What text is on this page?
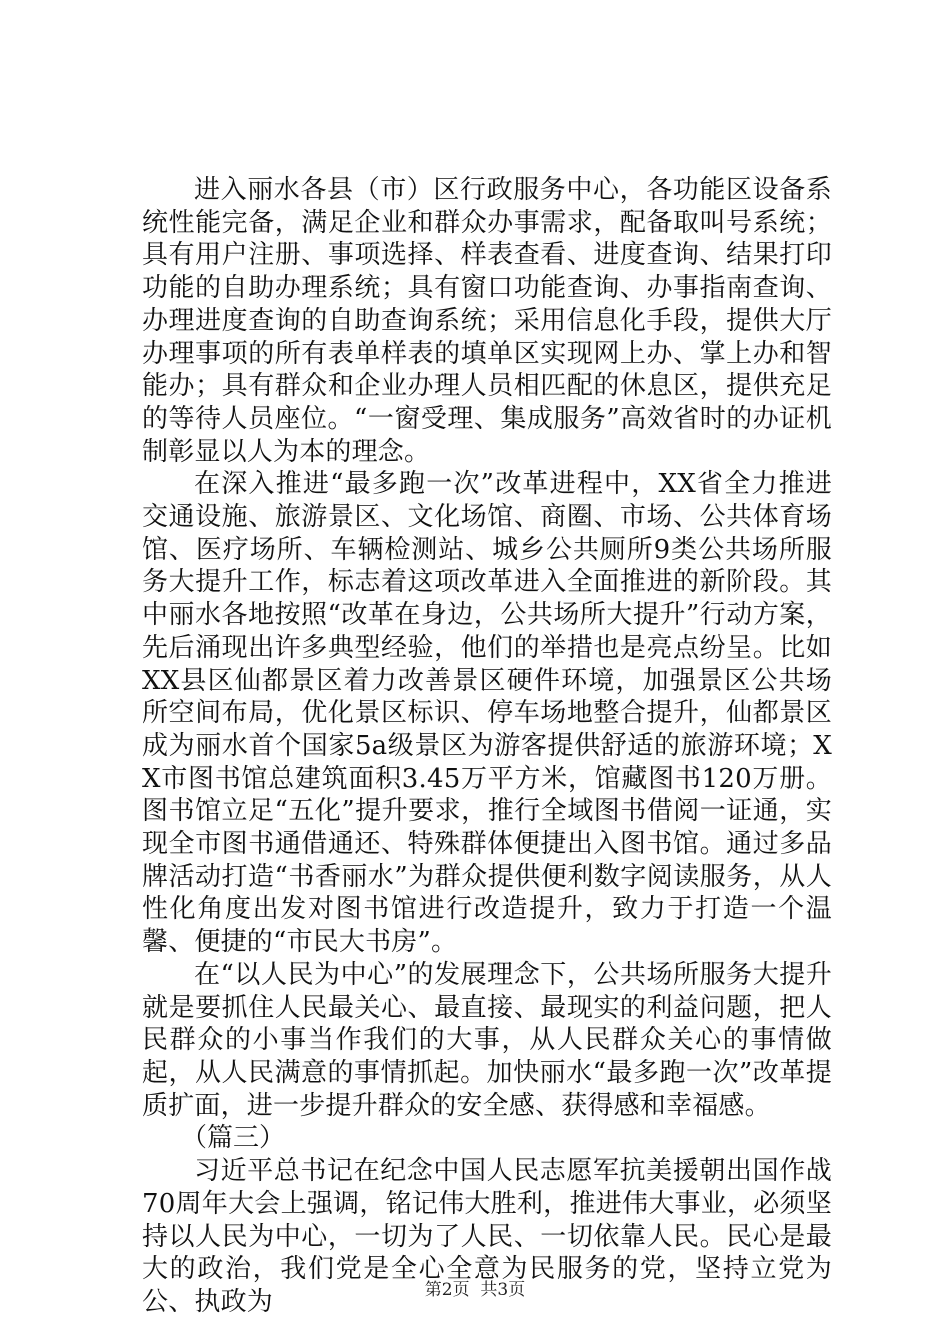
进入丽水各县（市）区行政服务中心，各功能区设备系统性能完备，满足企业和群众办事需求，配备取叫号系统；具有用户注册、事项选择、样表查看、进度查询、结果打印功能的自助办理系统；具有窗口功能查询、办事指南查询、办理进度查询的自助查询系统；采用信息化手段，提供大厅办理事项的所有表单样表的填单区实现网上办、掌上办和智能办；具有群众和企业办理人员相匹配的休息区，提供充足的等待人员座位。“一窗受理、集成服务”高效省时的办证机制彰显以人为本的理念。

在深入推进“最多跑一次”改革进程中，XX省全力推进交通设施、旅游景区、文化场馆、商圈、市场、公共体育场馆、医疗场所、车辆检测站、城乡公共厕所9类公共场所服务大提升工作，标志着这项改革进入全面推进的新阶段。其中丽水各地按照“改革在身边，公共场所大提升”行动方案，先后涌现出许多典型经验，他们的举措也是亮点纷呈。比如XX县区仙都景区着力改善景区硬件环境，加强景区公共场所空间布局，优化景区标识、停车场地整合提升，仙都景区成为丽水首个国家5a级景区为游客提供舒适的旅游环境；XX市图书馆总建筑面积3.45万平方米，馆藏图书120万册。图书馆立足“五化”提升要求，推行全域图书借阅一证通，实现全市图书通借通还、特殊群体便捷出入图书馆。通过多品牌活动打造“书香丽水”为群众提供便利数字阅读服务，从人性化角度出发对图书馆进行改造提升，致力于打造一个温馨、便捷的“市民大书房”。

在“以人民为中心”的发展理念下，公共场所服务大提升就是要抓住人民最关心、最直接、最现实的利益问题，把人民群众的小事当作我们的大事，从人民群众关心的事情做起，从人民满意的事情抓起。加快丽水“最多跑一次”改革提质扩面，进一步提升群众的安全感、获得感和幸福感。

（篇三）

习近平总书记在纪念中国人民志愿军抗美援朝出国作战70周年大会上强调，铭记伟大胜利，推进伟大事业，必须坚持以人民为中心，一切为了人民、一切依靠人民。民心是最大的政治，我们党是全心全意为民服务的党，坚持立党为公、执政为	第2页  共3页
